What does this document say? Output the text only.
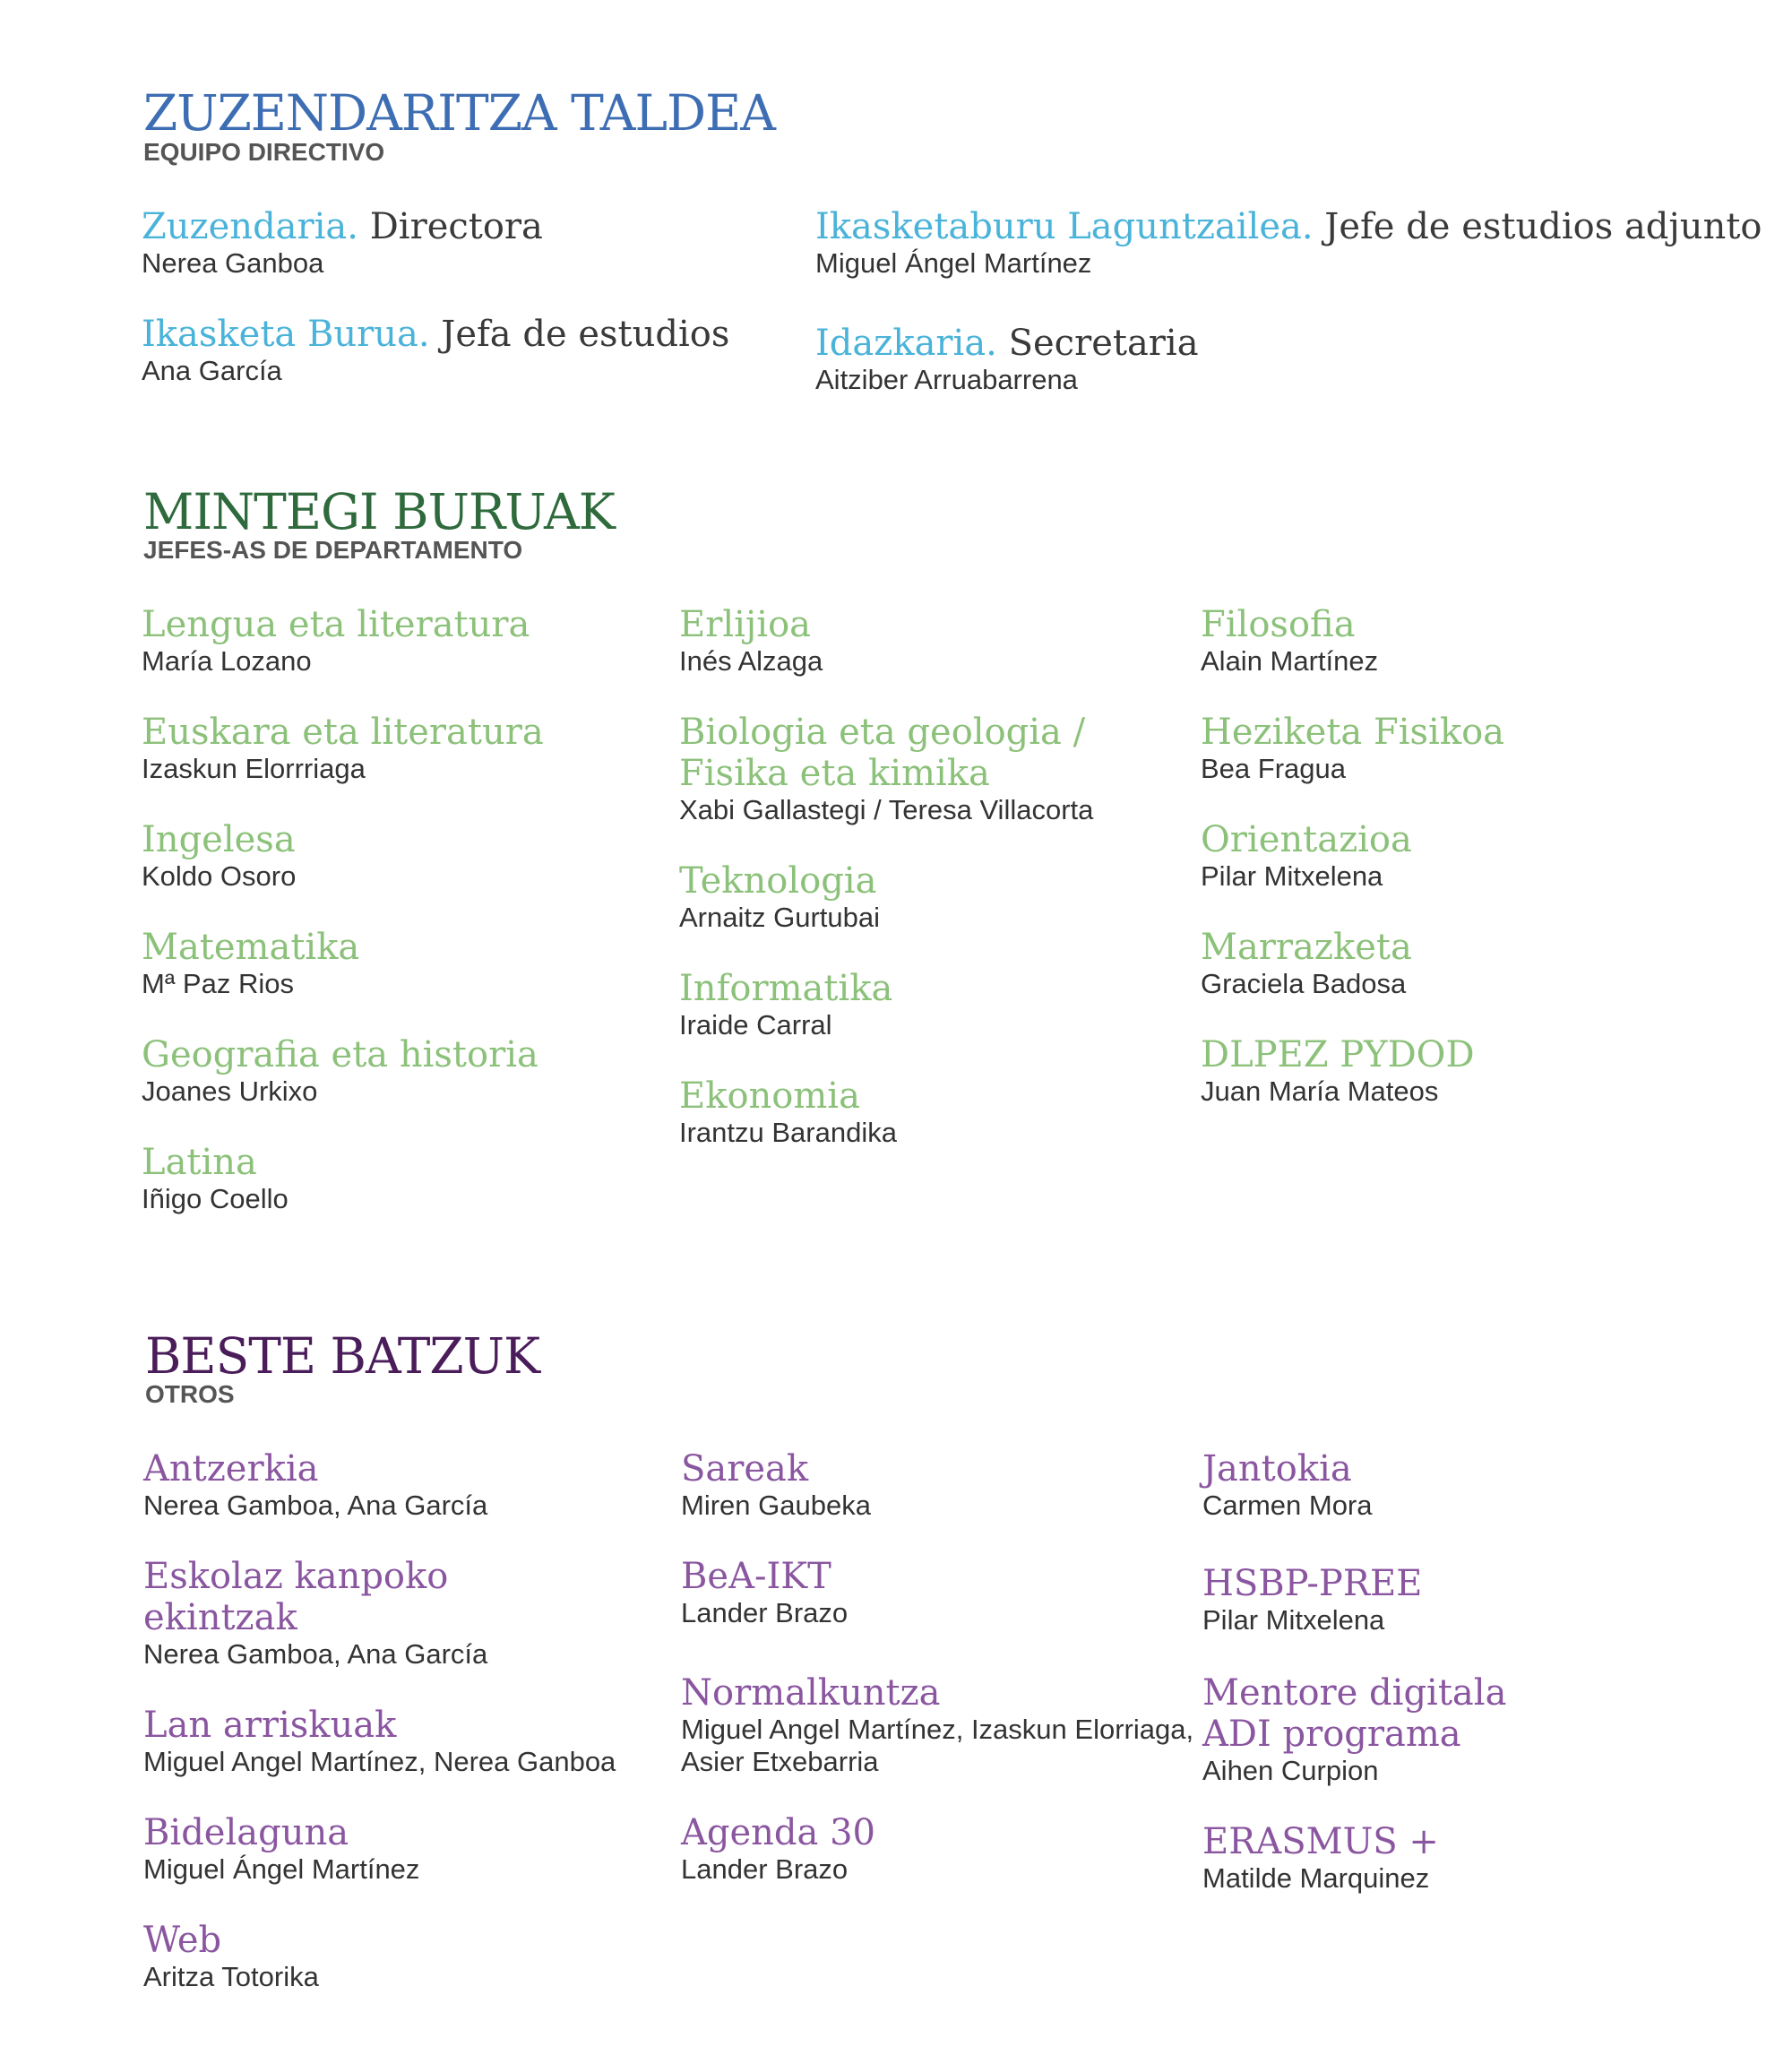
ZUZENDARITZA TALDEA
EQUIPO DIRECTIVO
Zuzendaria. Directora
Nerea Ganboa
Ikasketa Burua. Jefa de estudios
Ana García
Ikasketaburu Laguntzailea. Jefe de estudios adjunto
Miguel Ángel Martínez
Idazkaria. Secretaria
Aitziber Arruabarrena
MINTEGI BURUAK
JEFES-AS DE DEPARTAMENTO
Lengua eta literatura
María Lozano
Euskara eta literatura
Izaskun Elorrriaga
Ingelesa
Koldo Osoro
Matematika
Mª Paz Rios
Geografia eta historia
Joanes Urkixo
Latina
Iñigo Coello
Erlijioa
Inés Alzaga
Biologia eta geologia /
Fisika eta kimika
Xabi Gallastegi / Teresa Villacorta
Teknologia
Arnaitz Gurtubai
Informatika
Iraide Carral
Ekonomia
Irantzu Barandika
Filosofia
Alain Martínez
Heziketa Fisikoa
Bea Fragua
Orientazioa
Pilar Mitxelena
Marrazketa
Graciela Badosa
DLPEZ PYDOD
Juan María Mateos
BESTE BATZUK
OTROS
Antzerkia
Nerea Gamboa, Ana García
Eskolaz kanpoko
ekintzak
Nerea Gamboa, Ana García
Lan arriskuak
Miguel Angel Martínez, Nerea Ganboa
Bidelaguna
Miguel Ángel Martínez
Web
Aritza Totorika
Sareak
Miren Gaubeka
BeA-IKT
Lander Brazo
Normalkuntza
Miguel Angel Martínez, Izaskun Elorriaga,
Asier Etxebarria
Agenda 30
Lander Brazo
Jantokia
Carmen Mora
HSBP-PREE
Pilar Mitxelena
Mentore digitala
ADI programa
Aihen Curpion
ERASMUS +
Matilde Marquinez
